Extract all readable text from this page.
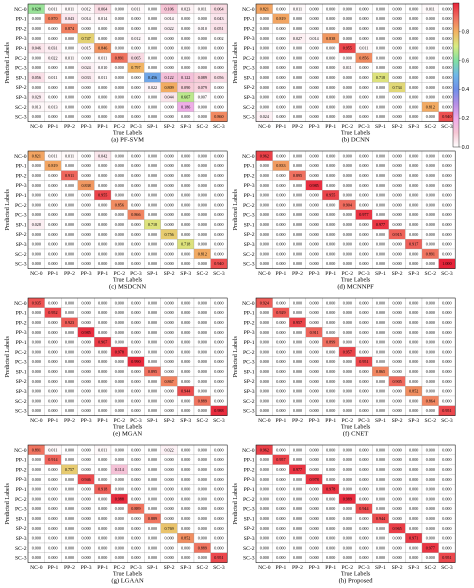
0.628 0.011 0.011 0.012 0.064 0.000 0.011 0.000 0.106 0.023 0.011 0.064
0.000 0.870 0.043 0.014 0.014 0.000 0.000 0.000 0.014 0.000 0.000 0.043
0.000 0.000 0.874 0.000 0.000 0.000 0.000 0.000 0.022 0.000 0.010 0.051
0.000 0.000 0.000 0.747 0.000 0.000 0.012 0.000 0.000 0.000 0.000 0.002
0.046 0.031 0.000 0.015 0.846 0.000 0.000 0.000 0.000 0.000 0.000 0.000
0.000 0.022 0.011 0.000 0.011 0.891 0.065 0.000 0.000 0.000 0.000 0.000
0.000 0.000 0.000 0.024 0.010 0.000 0.797 0.000 0.000 0.000 0.000 0.000
0.056 0.011 0.000 0.033 0.011 0.000 0.000 0.456 0.122 0.122 0.089 0.056
0.000 0.000 0.000 0.000 0.000 0.000 0.000 0.022 0.809 0.090 0.079 0.000
0.029 0.000 0.000 0.000 0.000 0.000 0.000 0.000 0.044 0.667 0.007 0.000
0.013 0.013 0.000 0.000 0.000 0.000 0.000 0.000 0.000 0.186 0.000 0.000
0.000 0.000 0.000 0.000 0.000 0.000 0.000 0.000 0.000 0.000 0.000 0.860
NC-0
NC-0
PP-1
PP-1
PP-2
PP-2
PP-3
PP-3
PP-1
PP-1
PC-2
PC-2
PC-3
PC-3
SP-1
SP-1
SP-2
SP-2
SP-3
SP-3
SC-2
SC-2
SC-3
SC-3
True Labels
Predicted Labels
(a) PF-SVM
0.821 0.000 0.011 0.000 0.000 0.000 0.000 0.000 0.000 0.000 0.011 0.000
0.000 0.819 0.000 0.000 0.000 0.000 0.000 0.000 0.000 0.000 0.000 0.000
0.000 0.000 0.000 0.000 0.000 0.000 0.000 0.000 0.000 0.000 0.000 0.000
0.000 0.000 0.027 0.014 0.838 0.000 0.000 0.000 0.000 0.000 0.000 0.000
0.000 0.000 0.000 0.000 0.000 0.955 0.011 0.000 0.000 0.000 0.000 0.000
0.000 0.000 0.000 0.000 0.000 0.000 0.856 0.000 0.000 0.000 0.000 0.000
0.000 0.000 0.000 0.000 0.000 0.011 0.000 0.000 0.000 0.000 0.000 0.000
0.000 0.000 0.000 0.000 0.000 0.000 0.000 0.718 0.000 0.000 0.000 0.000
0.000 0.000 0.000 0.000 0.000 0.000 0.000 0.000 0.734 0.000 0.000 0.000
0.000 0.000 0.000 0.000 0.000 0.000 0.000 0.000 0.000 0.000 0.000 0.000
0.000 0.000 0.000 0.000 0.000 0.000 0.000 0.000 0.000 0.000 0.812 0.000
0.024 0.000 0.000 0.000 0.000 0.000 0.000 0.000 0.000 0.000 0.000 0.940
NC-0
NC-0
PP-1
PP-1
PP-2
PP-2
PP-3
PP-3
PP-1
PP-1
PC-2
PC-2
PC-3
PC-3
SP-1
SP-1
SP-2
SP-2
SP-3
SP-3
SC-2
SC-2
SC-3
SC-3
True Labels
Predicted Labels
(b) DCNN
0.821 0.011 0.011 0.000 0.042 0.000 0.000 0.000 0.000 0.000 0.000 0.000
0.000 0.819 0.000 0.000 0.000 0.000 0.000 0.000 0.000 0.000 0.000 0.000
0.000 0.000 0.911 0.000 0.000 0.000 0.000 0.000 0.000 0.000 0.000 0.000
0.000 0.000 0.000 0.838 0.000 0.000 0.000 0.000 0.000 0.000 0.000 0.000
0.000 0.000 0.000 0.000 0.955 0.000 0.000 0.000 0.000 0.000 0.000 0.000
0.000 0.000 0.000 0.000 0.000 0.856 0.000 0.000 0.000 0.000 0.000 0.000
0.000 0.000 0.000 0.000 0.000 0.000 0.866 0.000 0.000 0.000 0.000 0.000
0.028 0.000 0.000 0.000 0.000 0.000 0.000 0.718 0.000 0.000 0.000 0.000
0.000 0.000 0.000 0.000 0.000 0.000 0.000 0.000 0.756 0.000 0.000 0.000
0.000 0.000 0.000 0.000 0.000 0.000 0.000 0.000 0.000 0.718 0.000 0.000
0.000 0.000 0.000 0.000 0.000 0.000 0.000 0.000 0.000 0.000 0.812 0.000
0.000 0.000 0.000 0.000 0.000 0.000 0.000 0.000 0.000 0.000 0.000 0.940
NC-0
NC-0
PP-1
PP-1
PP-2
PP-2
PP-3
PP-3
PP-1
PP-1
PC-2
PC-2
PC-3
PC-3
SP-1
SP-1
SP-2
SP-2
SP-3
SP-3
SC-2
SC-2
SC-3
SC-3
True Labels
Predicted Labels
(c) MSDCNN
0.962 0.000 0.000 0.000 0.000 0.000 0.000 0.000 0.000 0.000 0.000 0.000
0.000 0.833 0.000 0.000 0.000 0.000 0.000 0.000 0.000 0.000 0.000 0.000
0.000 0.000 0.895 0.000 0.000 0.000 0.000 0.000 0.000 0.000 0.000 0.000
0.000 0.000 0.000 0.985 0.000 0.000 0.000 0.000 0.000 0.000 0.000 0.000
0.000 0.000 0.000 0.000 0.955 0.000 0.000 0.000 0.000 0.000 0.000 0.000
0.000 0.000 0.000 0.000 0.000 0.904 0.000 0.000 0.000 0.000 0.000 0.000
0.000 0.000 0.000 0.000 0.000 0.000 0.977 0.000 0.000 0.000 0.000 0.000
0.000 0.000 0.000 0.000 0.000 0.000 0.000 0.977 0.000 0.000 0.000 0.000
0.000 0.000 0.000 0.000 0.000 0.000 0.000 0.000 0.915 0.000 0.000 0.000
0.000 0.000 0.000 0.000 0.000 0.000 0.000 0.000 0.000 0.917 0.000 0.000
0.000 0.000 0.000 0.000 0.000 0.000 0.000 0.000 0.000 0.000 0.891 0.000
0.000 0.000 0.000 0.000 0.000 0.000 0.000 0.000 0.000 0.000 0.000 1.000
NC-0
NC-0
PP-1
PP-1
PP-2
PP-2
PP-3
PP-3
PP-1
PP-1
PC-2
PC-2
PC-3
PC-3
SP-1
SP-1
SP-2
SP-2
SP-3
SP-3
SC-2
SC-2
SC-3
SC-3
True Labels
Predicted Labels
(d) MCNNPF
0.935 0.000 0.000 0.000 0.000 0.000 0.000 0.000 0.000 0.000 0.000 0.000
0.000 0.952 0.000 0.000 0.000 0.000 0.000 0.000 0.000 0.000 0.000 0.000
0.000 0.000 0.923 0.000 0.000 0.000 0.000 0.000 0.000 0.000 0.000 0.000
0.000 0.000 0.000 0.985 0.000 0.000 0.000 0.000 0.000 0.000 0.000 0.000
0.000 0.000 0.000 0.000 0.967 0.000 0.000 0.000 0.000 0.000 0.000 0.000
0.000 0.000 0.000 0.000 0.000 0.978 0.000 0.000 0.000 0.000 0.000 0.000
0.000 0.000 0.000 0.000 0.000 0.000 0.990 0.000 0.000 0.000 0.000 0.000
0.000 0.000 0.000 0.000 0.000 0.000 0.000 0.895 0.000 0.000 0.000 0.000
0.000 0.000 0.000 0.000 0.000 0.000 0.000 0.000 0.867 0.000 0.000 0.000
0.000 0.000 0.000 0.000 0.000 0.000 0.000 0.000 0.000 0.944 0.000 0.000
0.000 0.000 0.000 0.000 0.000 0.000 0.000 0.000 0.000 0.000 0.889 0.000
0.000 0.000 0.000 0.000 0.000 0.000 0.000 0.000 0.000 0.000 0.000 0.988
NC-0
NC-0
PP-1
PP-1
PP-2
PP-2
PP-3
PP-3
PP-1
PP-1
PC-2
PC-2
PC-3
PC-3
SP-1
SP-1
SP-2
SP-2
SP-3
SP-3
SC-2
SC-2
SC-3
SC-3
True Labels
Predicted Labels
(e) MGAN
0.924 0.000 0.000 0.000 0.000 0.000 0.000 0.000 0.000 0.000 0.000 0.000
0.000 0.929 0.000 0.000 0.000 0.000 0.000 0.000 0.000 0.000 0.000 0.000
0.000 0.000 0.957 0.000 0.000 0.000 0.000 0.000 0.000 0.000 0.000 0.000
0.000 0.000 0.000 0.911 0.000 0.000 0.000 0.000 0.000 0.000 0.000 0.000
0.000 0.000 0.000 0.000 0.899 0.000 0.000 0.000 0.000 0.000 0.000 0.000
0.000 0.000 0.000 0.000 0.000 0.957 0.000 0.000 0.000 0.000 0.000 0.000
0.000 0.000 0.000 0.000 0.000 0.000 0.951 0.000 0.000 0.000 0.000 0.000
0.000 0.000 0.000 0.000 0.000 0.000 0.000 0.865 0.000 0.000 0.000 0.000
0.000 0.000 0.000 0.000 0.000 0.000 0.000 0.000 0.905 0.000 0.000 0.000
0.000 0.000 0.000 0.000 0.000 0.000 0.000 0.000 0.000 0.852 0.000 0.000
0.000 0.000 0.000 0.000 0.000 0.000 0.000 0.000 0.000 0.000 0.864 0.000
0.000 0.000 0.000 0.000 0.000 0.000 0.000 0.000 0.000 0.000 0.000 0.951
NC-0
NC-0
PP-1
PP-1
PP-2
PP-2
PP-3
PP-3
PP-1
PP-1
PC-2
PC-2
PC-3
PC-3
SP-1
SP-1
SP-2
SP-2
SP-3
SP-3
SC-2
SC-2
SC-3
SC-3
True Labels
Predicted Labels
(f) CNET
0.891 0.011 0.000 0.000 0.011 0.000 0.000 0.000 0.022 0.000 0.000 0.000
0.000 0.914 0.000 0.000 0.000 0.000 0.000 0.000 0.000 0.000 0.000 0.000
0.000 0.000 0.757 0.000 0.000 0.114 0.000 0.000 0.000 0.000 0.000 0.000
0.000 0.000 0.000 0.946 0.000 0.000 0.000 0.000 0.000 0.000 0.000 0.000
0.000 0.000 0.000 0.000 0.918 0.000 0.000 0.000 0.000 0.000 0.000 0.000
0.000 0.000 0.000 0.000 0.000 0.988 0.000 0.000 0.000 0.000 0.000 0.000
0.000 0.000 0.000 0.000 0.000 0.000 0.889 0.000 0.000 0.000 0.000 0.000
0.000 0.000 0.000 0.000 0.000 0.000 0.000 0.889 0.000 0.000 0.000 0.000
0.000 0.000 0.000 0.000 0.000 0.000 0.000 0.000 0.769 0.000 0.000 0.000
0.000 0.000 0.000 0.000 0.000 0.000 0.000 0.000 0.000 0.852 0.000 0.000
0.000 0.000 0.000 0.000 0.000 0.000 0.000 0.000 0.000 0.000 0.889 0.000
0.000 0.000 0.000 0.000 0.000 0.000 0.000 0.000 0.000 0.000 0.000 0.951
NC-0
NC-0
PP-1
PP-1
PP-2
PP-2
PP-3
PP-3
PP-1
PP-1
PC-2
PC-2
PC-3
PC-3
SP-1
SP-1
SP-2
SP-2
SP-3
SP-3
SC-2
SC-2
SC-3
SC-3
True Labels
Predicted Labels
(g) LGAAN
0.962 0.000 0.000 0.000 0.000 0.000 0.000 0.000 0.000 0.000 0.000 0.000
0.000 0.957 0.000 0.000 0.000 0.000 0.000 0.000 0.000 0.000 0.000 0.000
0.000 0.000 0.977 0.000 0.000 0.000 0.000 0.000 0.000 0.000 0.000 0.000
0.000 0.000 0.000 0.978 0.000 0.000 0.000 0.000 0.000 0.000 0.000 0.000
0.000 0.000 0.000 0.000 0.978 0.000 0.000 0.000 0.000 0.000 0.000 0.000
0.000 0.000 0.000 0.000 0.000 0.989 0.000 0.000 0.000 0.000 0.000 0.000
0.000 0.000 0.000 0.000 0.000 0.000 0.944 0.000 0.000 0.000 0.000 0.000
0.000 0.000 0.000 0.000 0.000 0.000 0.000 0.944 0.000 0.000 0.000 0.000
0.000 0.000 0.000 0.000 0.000 0.000 0.000 0.000 0.965 0.000 0.000 0.000
0.000 0.000 0.000 0.000 0.000 0.000 0.000 0.000 0.000 0.971 0.000 0.000
0.000 0.000 0.000 0.000 0.000 0.000 0.000 0.000 0.000 0.000 0.977 0.000
0.000 0.000 0.000 0.000 0.000 0.000 0.000 0.000 0.000 0.000 0.000 0.951
NC-0
NC-0
PP-1
PP-1
PP-2
PP-2
PP-3
PP-3
PP-1
PP-1
PC-2
PC-2
PC-3
PC-3
SP-1
SP-1
SP-2
SP-2
SP-3
SP-3
SC-2
SC-2
SC-3
SC-3
True Labels
Predicted Labels
(h) Proposed
0.0
0.2
0.4
0.6
0.8
